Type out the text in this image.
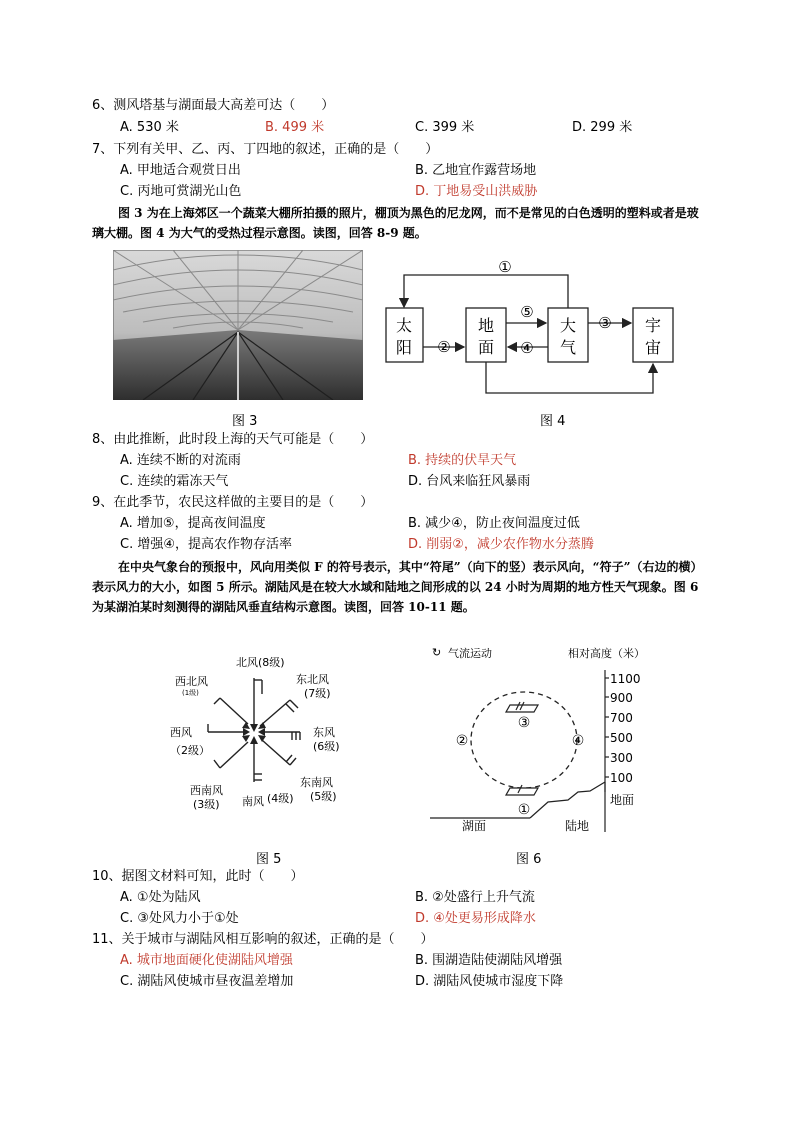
6、测风塔基与湖面最大高差可达（　　）
A. 530 米	B. 499 米	C. 399 米	D. 299 米
7、下列有关甲、乙、丙、丁四地的叙述，正确的是（　　）
A. 甲地适合观赏日出	B. 乙地宜作露营场地
C. 丙地可赏湖光山色	D. 丁地易受山洪威胁
图 3 为在上海郊区一个蔬菜大棚所拍摄的照片，棚顶为黑色的尼龙网，而不是常见的白色透明的塑料或者是玻璃大棚。图 4 为大气的受热过程示意图。读图，回答 8-9 题。
图 3
太
阳
地
面
大
气
宇
宙
①
②
③
④
⑤
图 4
8、由此推断，此时段上海的天气可能是（　　）
A. 连续不断的对流雨	B. 持续的伏旱天气
C. 连续的霜冻天气	D. 台风来临狂风暴雨
9、在此季节，农民这样做的主要目的是（　　）
A. 增加⑤，提高夜间温度	B. 减少④，防止夜间温度过低
C. 增强④，提高农作物存活率	D. 削弱②，减少农作物水分蒸腾
在中央气象台的预报中，风向用类似 F 的符号表示，其中“符尾”（向下的竖）表示风向，“符子”（右边的横）表示风力的大小，如图 5 所示。湖陆风是在较大水域和陆地之间形成的以 24 小时为周期的地方性天气现象。图 6 为某湖泊某时刻测得的湖陆风垂直结构示意图。读图，回答 10-11 题。
北风(8级)
西北风
(1级)
东北风
(7级)
西风
（2级）
东风
(6级)
西南风
(3级) 南风 (4级)
东南风
(5级)
图 5
↻ 气流运动	相对高度（米）
1100
900
700
500
300
100
地面
③
②	④
①
湖面	陆地
图 6
10、据图文材料可知，此时（　　）
A. ①处为陆风	B. ②处盛行上升气流
C. ③处风力小于①处	D. ④处更易形成降水
11、关于城市与湖陆风相互影响的叙述，正确的是（　　）
A. 城市地面硬化使湖陆风增强	B. 围湖造陆使湖陆风增强
C. 湖陆风使城市昼夜温差增加	D. 湖陆风使城市湿度下降
